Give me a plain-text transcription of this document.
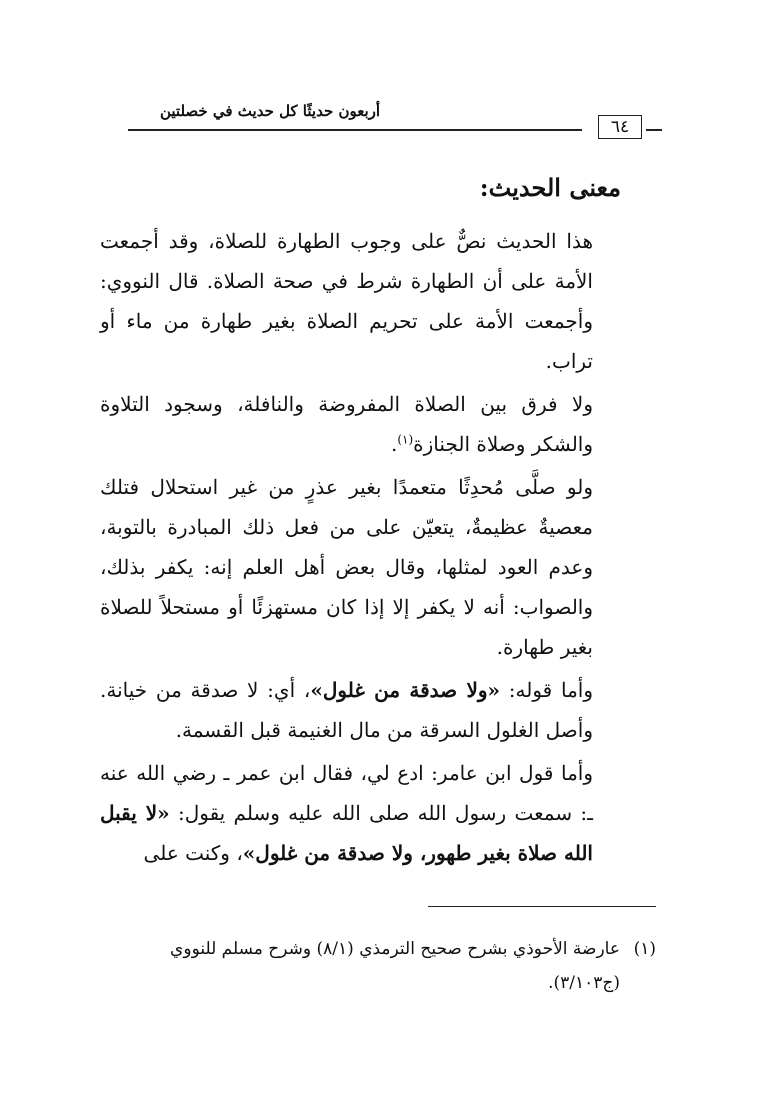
أربعون حديثًا كل حديث في خصلتين
٦٤
معنى الحديث:

هذا الحديث نصٌّ على وجوب الطهارة للصلاة، وقد أجمعت الأمة على أن الطهارة شرط في صحة الصلاة. قال النووي: وأجمعت الأمة على تحريم الصلاة بغير طهارة من ماء أو تراب.

ولا فرق بين الصلاة المفروضة والنافلة، وسجود التلاوة والشكر وصلاة الجنازة$^{(١)}$.

ولو صلَّى مُحدِثًا متعمدًا بغير عذرٍ من غير استحلال فتلك معصيةٌ عظيمةٌ، يتعيّن على من فعل ذلك المبادرة بالتوبة، وعدم العود لمثلها، وقال بعض أهل العلم إنه: يكفر بذلك، والصواب: أنه لا يكفر إلا إذا كان مستهزئًا أو مستحلاً للصلاة بغير طهارة.

وأما قوله: «ولا صدقة من غلول»، أي: لا صدقة من خيانة. وأصل الغلول السرقة من مال الغنيمة قبل القسمة.

وأما قول ابن عامر: ادع لي، فقال ابن عمر ـ رضي الله عنه ـ: سمعت رسول الله صلى الله عليه وسلم يقول: «لا يقبل الله صلاة بغير طهور، ولا صدقة من غلول»، وكنت على

(١)
عارضة الأحوذي بشرح صحيح الترمذي (٨/١) وشرح مسلم للنووي (ج٣/١٠٣).
